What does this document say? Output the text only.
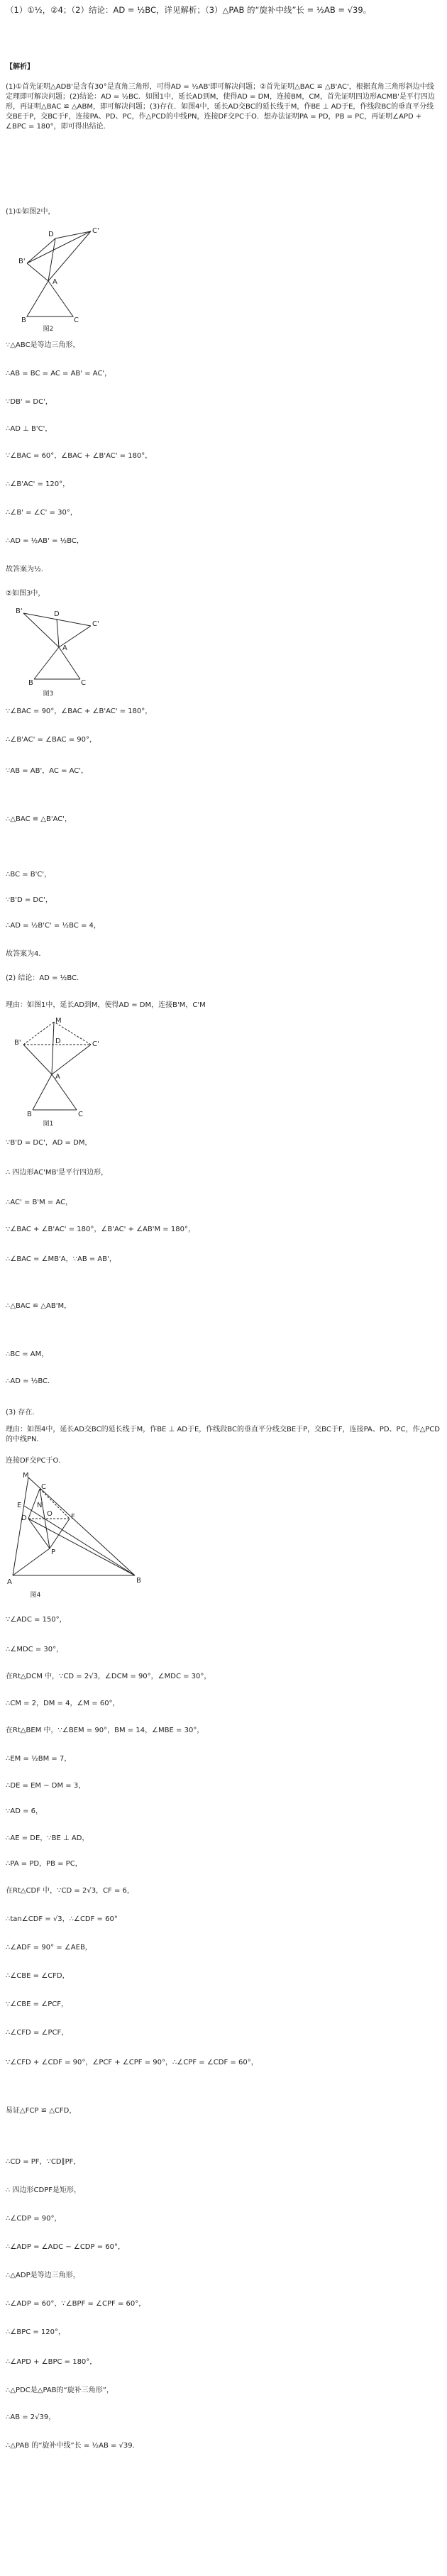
（1）①½，②4；（2）结论：AD = ½BC，详见解析；（3）△PAB 的“旋补中线”长 = ½AB = √39。
【解析】
(1)①首先证明△ADB'是含有30°是直角三角形，可得AD = ½AB'即可解决问题；②首先证明△BAC ≌ △B'AC'，根据直角三角形斜边中线定理即可解决问题；(2)结论：AD = ½BC．如图1中，延长AD到M，使得AD = DM，连接BM，CM，首先证明四边形ACMB'是平行四边形，再证明△BAC ≌ △ABM，即可解决问题；(3)存在．如图4中，延长AD交BC的延长线于M，作BE ⊥ AD于E，作线段BC的垂直平分线交BE于P，交BC于F，连接PA、PD、PC，作△PCD的中线PN，连接DF交PC于O．想办法证明PA = PD，PB = PC，再证明∠APD + ∠BPC = 180°，即可得出结论．
(1)①如图2中，
D
B'
C'
A
B	C
图2
∵△ABC是等边三角形，
∴AB = BC = AC = AB' = AC'，
∵DB' = DC'，
∴AD ⊥ B'C'，
∵∠BAC = 60°，∠BAC + ∠B'AC' = 180°，
∴∠B'AC' = 120°，
∴∠B' = ∠C' = 30°，
∴AD = ½AB' = ½BC，
故答案为½．
②如图3中，
B'	D
C'
A
B	C
图3
∵∠BAC = 90°，∠BAC + ∠B'AC' = 180°，
∴∠B'AC' = ∠BAC = 90°，
∵AB = AB'，AC = AC'，
∴△BAC ≌ △B'AC'，
∴BC = B'C'，
∵B'D = DC'，
∴AD = ½B'C' = ½BC = 4，
故答案为4．
(2) 结论：AD = ½BC．
理由：如图1中，延长AD到M，使得AD = DM，连接B'M，C'M
M
B'	D	C'
A
B	C
图1
∵B'D = DC'，AD = DM，
∴ 四边形AC'MB'是平行四边形，
∴AC' = B'M = AC，
∵∠BAC + ∠B'AC' = 180°，∠B'AC' + ∠AB'M = 180°，
∴∠BAC = ∠MB'A，∵AB = AB'，
∴△BAC ≌ △AB'M，
∴BC = AM，
∴AD = ½BC．
(3) 存在．
理由：如图4中，延长AD交BC的延长线于M，作BE ⊥ AD于E，作线段BC的垂直平分线交BE于P，交BC于F，连接PA、PD、PC，作△PCD的中线PN．
连接DF交PC于O．
M
C
D
N
O
E
F
P
A	B
图4
∵∠ADC = 150°，
∴∠MDC = 30°，
在Rt△DCM 中，∵CD = 2√3，∠DCM = 90°，∠MDC = 30°，
∴CM = 2，DM = 4，∠M = 60°，
在Rt△BEM 中，∵∠BEM = 90°，BM = 14，∠MBE = 30°，
∴EM = ½BM = 7，
∴DE = EM − DM = 3，
∵AD = 6，
∴AE = DE，∵BE ⊥ AD，
∴PA = PD，PB = PC，
在Rt△CDF 中，∵CD = 2√3，CF = 6，
∴tan∠CDF = √3，∴∠CDF = 60°
∴∠ADF = 90° = ∠AEB，
∴∠CBE = ∠CFD，
∵∠CBE = ∠PCF，
∴∠CFD = ∠PCF，
∵∠CFD + ∠CDF = 90°，∠PCF + ∠CPF = 90°，∴∠CPF = ∠CDF = 60°，
易证△FCP ≌ △CFD，
∴CD = PF，∵CD∥PF，
∴ 四边形CDPF是矩形，
∴∠CDP = 90°，
∴∠ADP = ∠ADC − ∠CDP = 60°，
∴△ADP是等边三角形，
∴∠ADP = 60°，∵∠BPF = ∠CPF = 60°，
∴∠BPC = 120°，
∴∠APD + ∠BPC = 180°，
∴△PDC是△PAB的“旋补三角形”，
∴AB = 2√39，
∴△PAB 的“旋补中线”长 = ½AB = √39．
